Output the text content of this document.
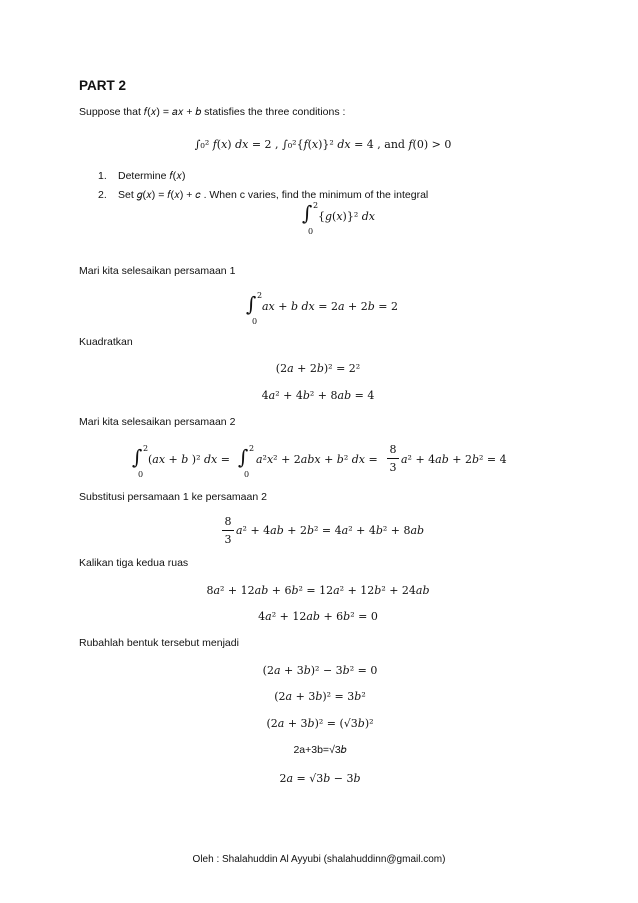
PART 2
Suppose that 𝑓(𝑥) = 𝑎𝑥 + 𝑏 statisfies the three conditions :
∫₀² 𝑓(𝑥) 𝑑𝑥 = 2 , ∫₀²{𝑓(𝑥)}² 𝑑𝑥 = 4 , and 𝑓(0) > 0
1. Determine 𝑓(𝑥)
2. Set 𝑔(𝑥) = 𝑓(𝑥) + 𝑐 . When c varies, find the minimum of the integral
∫ 2
0
{𝑔(𝑥)}² 𝑑𝑥
Mari kita selesaikan persamaan 1
∫ 2
0
𝑎𝑥 + 𝑏 𝑑𝑥 = 2𝑎 + 2𝑏 = 2
Kuadratkan
(2𝑎 + 2𝑏)² = 2²
4𝑎² + 4𝑏² + 8𝑎𝑏 = 4
Mari kita selesaikan persamaan 2
∫ 2
0
(𝑎𝑥 + 𝑏 )² 𝑑𝑥 = ∫ 2
0
𝑎²𝑥² + 2𝑎𝑏𝑥 + 𝑏² 𝑑𝑥 =
8
3
𝑎² + 4𝑎𝑏 + 2𝑏² = 4
Substitusi persamaan 1 ke persamaan 2
8
3
𝑎² + 4𝑎𝑏 + 2𝑏² = 4𝑎² + 4𝑏² + 8𝑎𝑏
Kalikan tiga kedua ruas
8𝑎² + 12𝑎𝑏 + 6𝑏² = 12𝑎² + 12𝑏² + 24𝑎𝑏
4𝑎² + 12𝑎𝑏 + 6𝑏² = 0
Rubahlah bentuk tersebut menjadi
(2𝑎 + 3𝑏)² − 3𝑏² = 0
(2𝑎 + 3𝑏)² = 3𝑏²
(2𝑎 + 3𝑏)² = (√3𝑏)²
2a+3b=√3𝑏
2𝑎 = √3𝑏 − 3𝑏
Oleh : Shalahuddin Al Ayyubi (shalahuddinn@gmail.com)
